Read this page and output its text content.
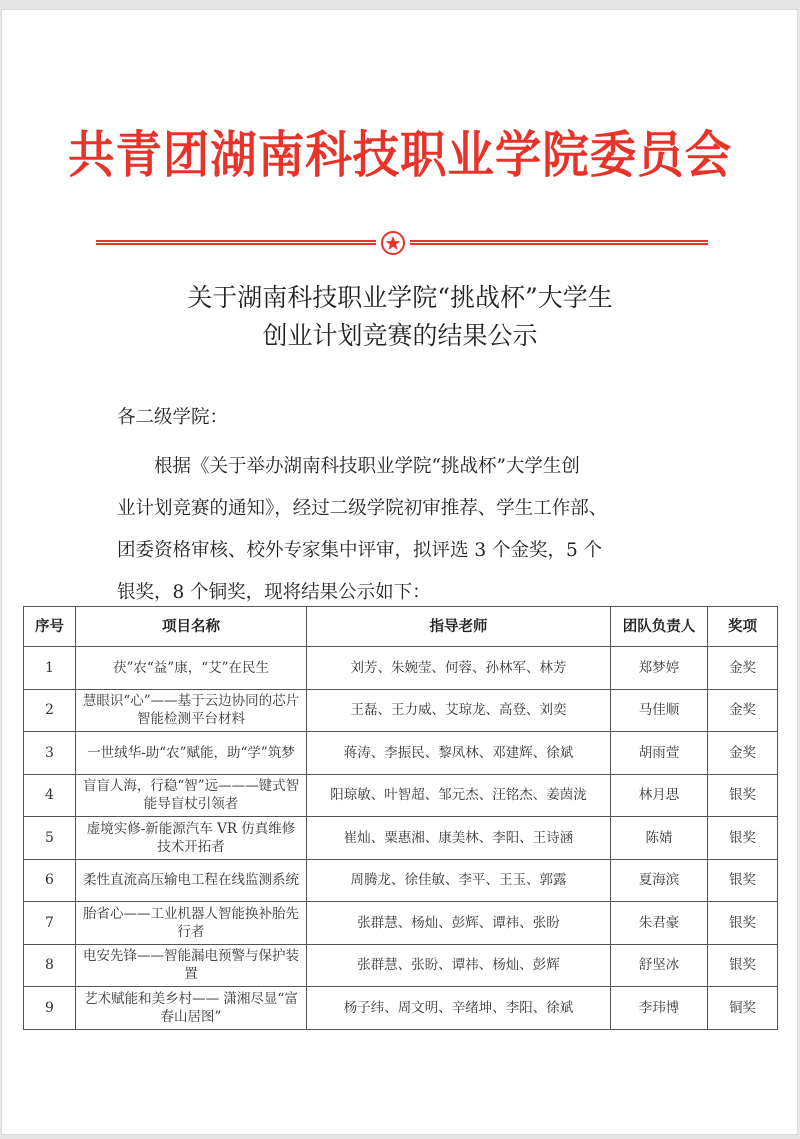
共青团湖南科技职业学院委员会
关于湖南科技职业学院“挑战杯”大学生
创业计划竞赛的结果公示
各二级学院：
根据《关于举办湖南科技职业学院“挑战杯”大学生创
业计划竞赛的通知》，经过二级学院初审推荐、学生工作部、
团委资格审核、校外专家集中评审，拟评选 3 个金奖，5 个
银奖，8 个铜奖，现将结果公示如下：
序号	项目名称	指导老师	团队负责人	奖项
1	茯”农“益”康，“艾”在民生	刘芳、朱婉莹、何蓉、孙林军、林芳	郑梦婷	金奖
2	慧眼识“心”——基于云边协同的芯片智能检测平台材料	王磊、王力威、艾琼龙、高登、刘奕	马佳顺	金奖
3	一世绒华-助“农”赋能，助“学”筑梦	蒋涛、李振民、黎凤林、邓建辉、徐斌	胡雨萱	金奖
4	盲盲人海，行稳“智”远———键式智能导盲杖引领者	阳琼敏、叶智超、邹元杰、汪铭杰、姜茵泷	林月思	银奖
5	虚境实修-新能源汽车 VR 仿真维修技术开拓者	崔灿、粟惠湘、康美林、李阳、王诗涵	陈婧	银奖
6	柔性直流高压输电工程在线监测系统	周腾龙、徐佳敏、李平、王玉、郭露	夏海滨	银奖
7	胎省心——工业机器人智能换补胎先行者	张群慧、杨灿、彭辉、谭祎、张盼	朱君豪	银奖
8	电安先锋——智能漏电预警与保护装置	张群慧、张盼、谭祎、杨灿、彭辉	舒坚冰	银奖
9	艺术赋能和美乡村—— 潇湘尽显“富春山居图”	杨子纬、周文明、辛绪坤、李阳、徐斌	李玮博	铜奖
